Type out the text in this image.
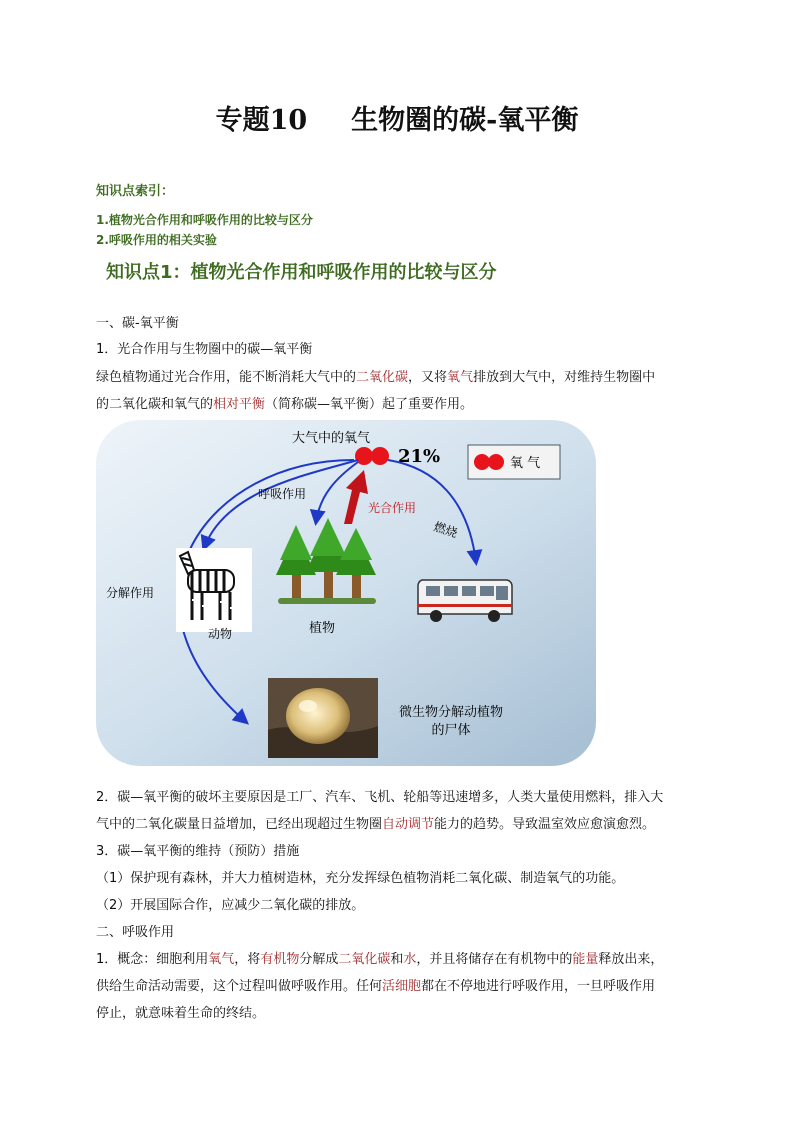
专题10 生物圈的碳-氧平衡
知识点索引：
1.植物光合作用和呼吸作用的比较与区分
2.呼吸作用的相关实验
知识点1：植物光合作用和呼吸作用的比较与区分
一、碳-氧平衡
1．光合作用与生物圈中的碳—氧平衡
绿色植物通过光合作用，能不断消耗大气中的二氧化碳，又将氧气排放到大气中，对维持生物圈中
的二氧化碳和氧气的相对平衡（简称碳—氧平衡）起了重要作用。
大气中的氧气
21%	氧 气
呼吸作用
光合作用
燃烧
分解作用
动物	植物
微生物分解动植物
的尸体
2．碳—氧平衡的破坏主要原因是工厂、汽车、飞机、轮船等迅速增多，人类大量使用燃料，排入大
气中的二氧化碳量日益增加，已经出现超过生物圈自动调节能力的趋势。导致温室效应愈演愈烈。
3．碳—氧平衡的维持（预防）措施
（1）保护现有森林，并大力植树造林，充分发挥绿色植物消耗二氧化碳、制造氧气的功能。
（2）开展国际合作，应减少二氧化碳的排放。
二、呼吸作用
1．概念：细胞利用氧气，将有机物分解成二氧化碳和水，并且将储存在有机物中的能量释放出来，
供给生命活动需要，这个过程叫做呼吸作用。任何活细胞都在不停地进行呼吸作用，一旦呼吸作用
停止，就意味着生命的终结。
